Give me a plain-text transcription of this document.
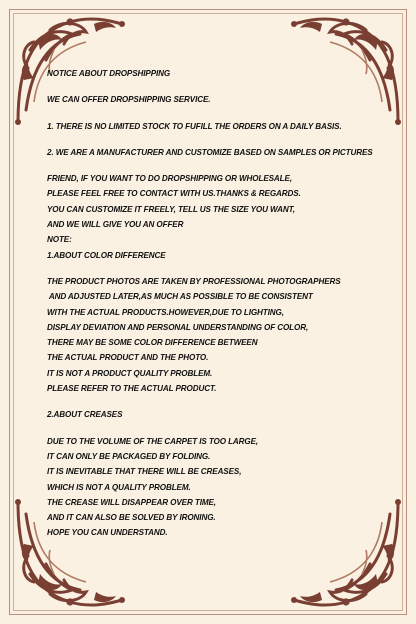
NOTICE ABOUT DROPSHIPPING
WE CAN OFFER DROPSHIPPING SERVICE.
1. THERE IS NO LIMITED STOCK TO FUFILL THE ORDERS ON A DAILY BASIS.
2. WE ARE A MANUFACTURER AND CUSTOMIZE BASED ON SAMPLES OR PICTURES
FRIEND, IF YOU WANT TO DO DROPSHIPPING OR WHOLESALE,
PLEASE FEEL FREE TO CONTACT WITH US.THANKS & REGARDS.
YOU CAN CUSTOMIZE IT FREELY, TELL US THE SIZE YOU WANT,
AND WE WILL GIVE YOU AN OFFER
NOTE:
1.ABOUT COLOR DIFFERENCE
THE PRODUCT PHOTOS ARE TAKEN BY PROFESSIONAL PHOTOGRAPHERS
AND ADJUSTED LATER,AS MUCH AS POSSIBLE TO BE CONSISTENT
WITH THE ACTUAL PRODUCTS.HOWEVER,DUE TO LIGHTING,
DISPLAY DEVIATION AND PERSONAL UNDERSTANDING OF COLOR,
THERE MAY BE SOME COLOR DIFFERENCE BETWEEN
THE ACTUAL PRODUCT AND THE PHOTO.
IT IS NOT A PRODUCT QUALITY PROBLEM.
PLEASE REFER TO THE ACTUAL PRODUCT.
2.ABOUT CREASES
DUE TO THE VOLUME OF THE CARPET IS TOO LARGE,
IT CAN ONLY BE PACKAGED BY FOLDING.
IT IS INEVITABLE THAT THERE WILL BE CREASES,
WHICH IS NOT A QUALITY PROBLEM.
THE CREASE WILL DISAPPEAR OVER TIME,
AND IT CAN ALSO BE SOLVED BY IRONING.
HOPE YOU CAN UNDERSTAND.
